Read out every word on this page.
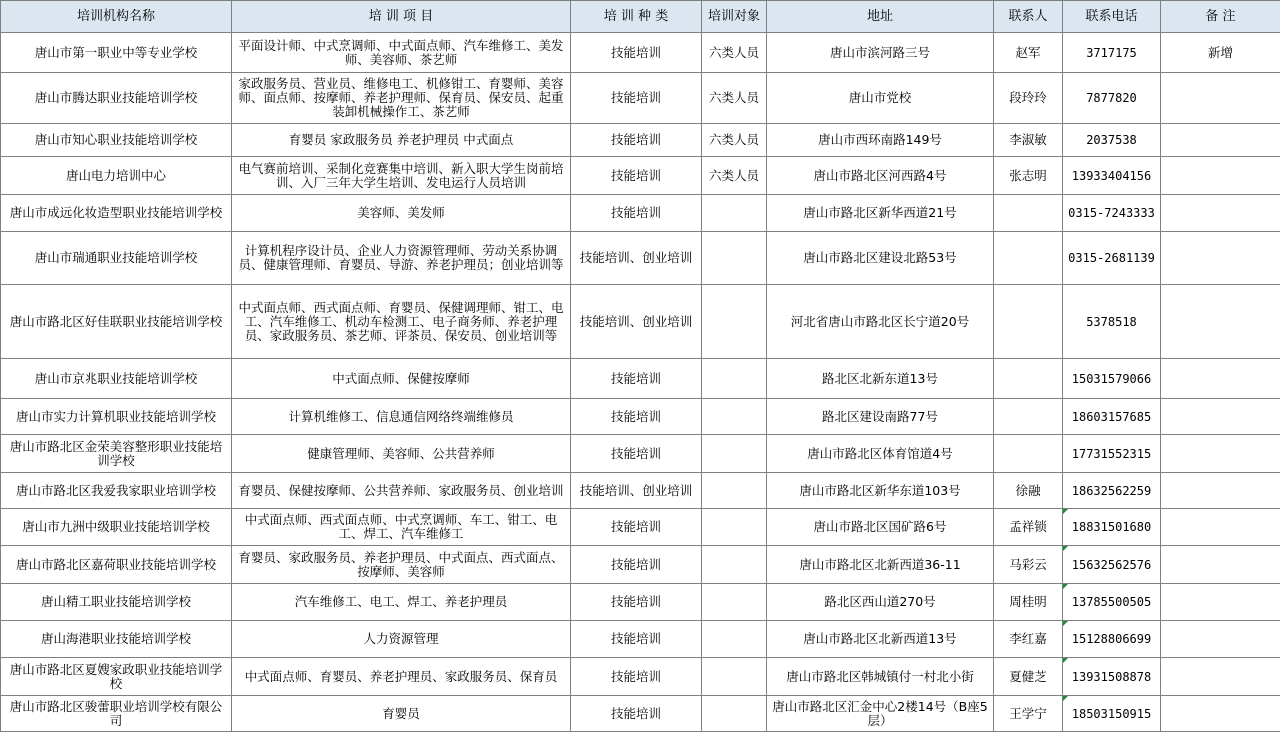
培训机构名称	培 训 项 目	培 训 种 类	培训对象	地址	联系人	联系电话	备 注
唐山市第一职业中等专业学校	平面设计师、中式烹调师、中式面点师、汽车维修工、美发师、美容师、茶艺师	技能培训	六类人员	唐山市滨河路三号	赵军	3717175	新增
唐山市腾达职业技能培训学校	家政服务员、营业员、维修电工、机修钳工、育婴师、美容师、面点师、按摩师、养老护理师、保育员、保安员、起重装卸机械操作工、茶艺师	技能培训	六类人员	唐山市党校	段玲玲	7877820	
唐山市知心职业技能培训学校	育婴员 家政服务员 养老护理员 中式面点	技能培训	六类人员	唐山市西环南路149号	李淑敏	2037538	
唐山电力培训中心	电气赛前培训、采制化竞赛集中培训、新入职大学生岗前培训、入厂三年大学生培训、发电运行人员培训	技能培训	六类人员	唐山市路北区河西路4号	张志明	13933404156	
唐山市成远化妆造型职业技能培训学校	美容师、美发师	技能培训		唐山市路北区新华西道21号		0315-7243333	
唐山市瑞通职业技能培训学校	计算机程序设计员、企业人力资源管理师、劳动关系协调员、健康管理师、育婴员、导游、养老护理员；创业培训等	技能培训、创业培训		唐山市路北区建设北路53号		0315-2681139	
唐山市路北区好佳联职业技能培训学校	中式面点师、西式面点师、育婴员、保健调理师、钳工、电工、汽车维修工、机动车检测工、电子商务师、养老护理员、家政服务员、茶艺师、评茶员、保安员、创业培训等	技能培训、创业培训		河北省唐山市路北区长宁道20号		5378518	
唐山市京兆职业技能培训学校	中式面点师、保健按摩师	技能培训		路北区北新东道13号		15031579066	
唐山市实力计算机职业技能培训学校	计算机维修工、信息通信网络终端维修员	技能培训		路北区建设南路77号		18603157685	
唐山市路北区金荣美容整形职业技能培训学校	健康管理师、美容师、公共营养师	技能培训		唐山市路北区体育馆道4号		17731552315	
唐山市路北区我爱我家职业培训学校	育婴员、保健按摩师、公共营养师、家政服务员、创业培训	技能培训、创业培训		唐山市路北区新华东道103号	徐融	18632562259	
唐山市九洲中级职业技能培训学校	中式面点师、西式面点师、中式烹调师、车工、钳工、电工、焊工、汽车维修工	技能培训		唐山市路北区国矿路6号	孟祥锁	18831501680	
唐山市路北区嘉荷职业技能培训学校	育婴员、家政服务员、养老护理员、中式面点、西式面点、按摩师、美容师	技能培训		唐山市路北区北新西道36-11	马彩云	15632562576	
唐山精工职业技能培训学校	汽车维修工、电工、焊工、养老护理员	技能培训		路北区西山道270号	周桂明	13785500505	
唐山海港职业技能培训学校	人力资源管理	技能培训		唐山市路北区北新西道13号	李红嘉	15128806699	
唐山市路北区夏嫂家政职业技能培训学校	中式面点师、育婴员、养老护理员、家政服务员、保育员	技能培训		唐山市路北区韩城镇付一村北小街	夏健芝	13931508878	
唐山市路北区骏蕾职业培训学校有限公司	育婴员	技能培训		唐山市路北区汇金中心2楼14号（B座5层）	王学宁	18503150915	
